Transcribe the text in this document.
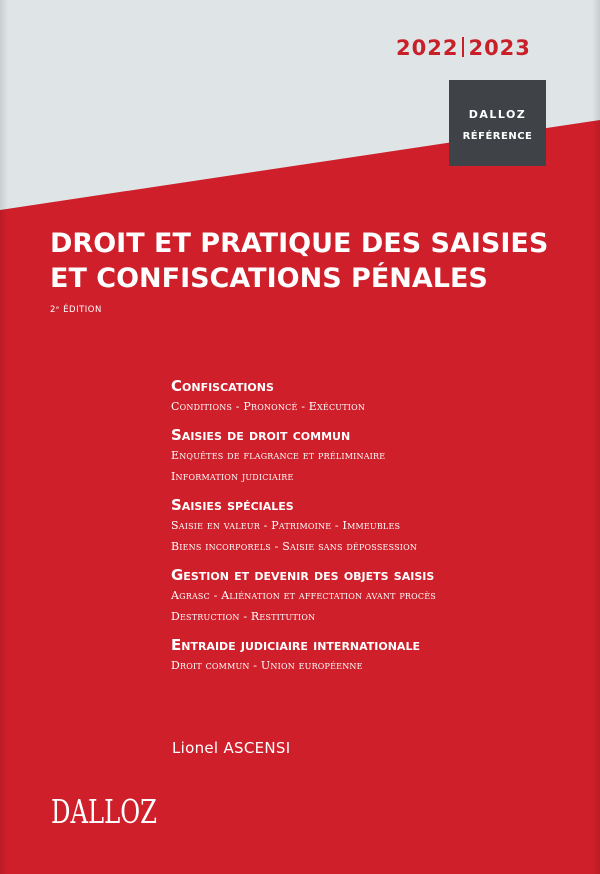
2022 2023
DALLOZ
RÉFÉRENCE
DROIT ET PRATIQUE DES SAISIES
ET CONFISCATIONS PÉNALES
2ᵉ ÉDITION
Confiscations
Conditions - Prononcé - Exécution
Saisies de droit commun
Enquêtes de flagrance et préliminaire
Information judiciaire
Saisies spéciales
Saisie en valeur - Patrimoine - Immeubles
Biens incorporels - Saisie sans dépossession
Gestion et devenir des objets saisis
Agrasc - Aliénation et affectation avant procès
Destruction - Restitution
Entraide judiciaire internationale
Droit commun - Union européenne
Lionel ASCENSI
DALLOZ
